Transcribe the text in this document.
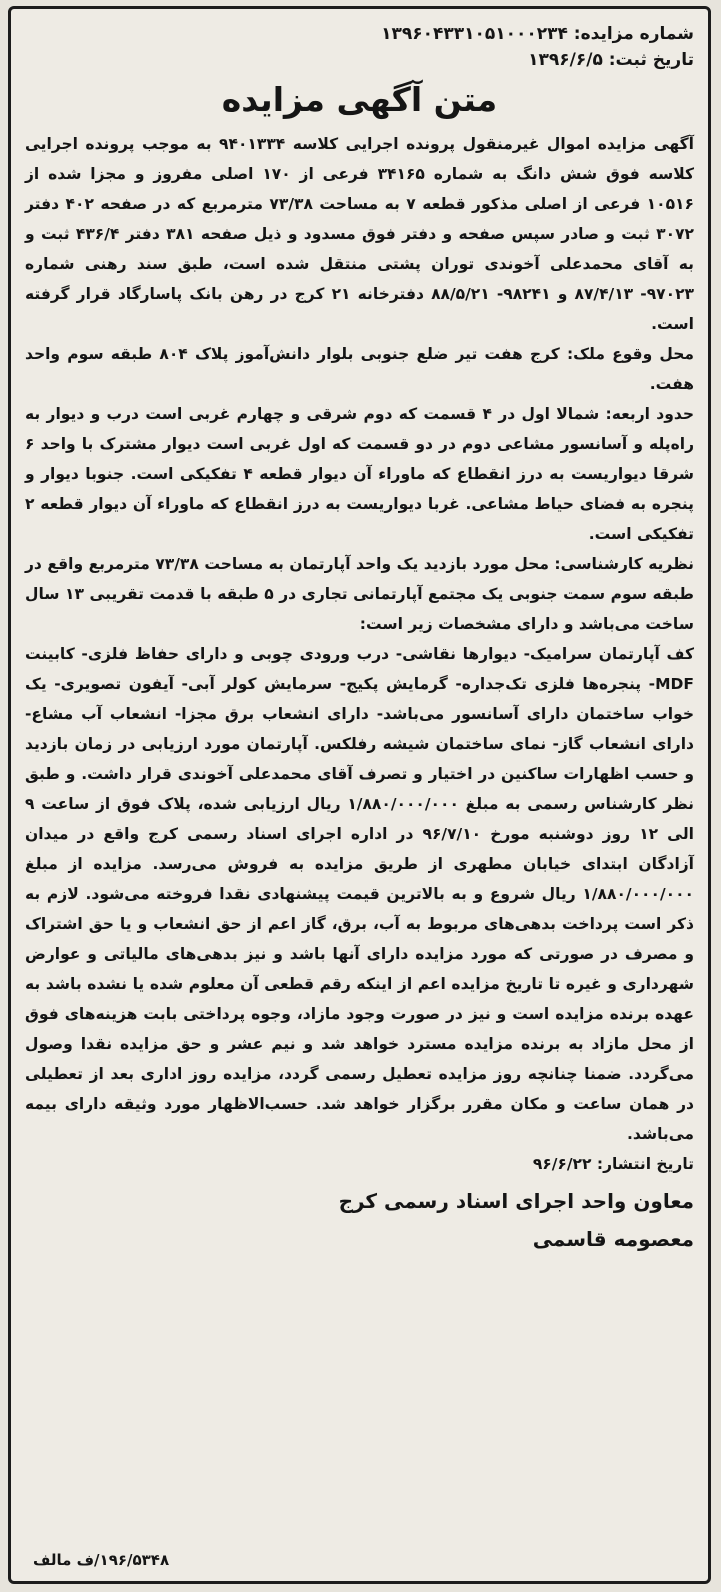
شماره مزایده: ۱۳۹۶۰۴۳۳۱۰۵۱۰۰۰۲۳۴
تاریخ ثبت: ۱۳۹۶/۶/۵
متن آگهی مزایده

آگهی مزایده اموال غیرمنقول پرونده اجرایی کلاسه ۹۴۰۱۳۳۴ به موجب پرونده اجرایی کلاسه فوق شش دانگ به شماره ۳۴۱۶۵ فرعی از ۱۷۰ اصلی مفروز و مجزا شده از ۱۰۵۱۶ فرعی از اصلی مذکور قطعه ۷ به مساحت ۷۳/۳۸ مترمربع که در صفحه ۴۰۲ دفتر ۳۰۷۲ ثبت و صادر سپس صفحه و دفتر فوق مسدود و ذیل صفحه ۳۸۱ دفتر ۴۳۶/۴ ثبت و به آقای محمدعلی آخوندی توران پشتی منتقل شده است، طبق سند رهنی شماره ۹۷۰۲۳- ۸۷/۴/۱۳ و ۹۸۲۴۱- ۸۸/۵/۲۱ دفترخانه ۲۱ کرج در رهن بانک پاسارگاد قرار گرفته است.

محل وقوع ملک: کرج هفت تیر ضلع جنوبی بلوار دانش‌آموز پلاک ۸۰۴ طبقه سوم واحد هفت.

حدود اربعه: شمالا اول در ۴ قسمت که دوم شرقی و چهارم غربی است درب و دیوار به راه‌پله و آسانسور مشاعی دوم در دو قسمت که اول غربی است دیوار مشترک با واحد ۶ شرقا دیواریست به درز انقطاع که ماوراء آن دیوار قطعه ۴ تفکیکی است. جنوبا دیوار و پنجره به فضای حیاط مشاعی. غربا دیواریست به درز انقطاع که ماوراء آن دیوار قطعه ۲ تفکیکی است.

نظریه کارشناسی: محل مورد بازدید یک واحد آپارتمان به مساحت ۷۳/۳۸ مترمربع واقع در طبقه سوم سمت جنوبی یک مجتمع آپارتمانی تجاری در ۵ طبقه با قدمت تقریبی ۱۳ سال ساخت می‌باشد و دارای مشخصات زیر است:

کف آپارتمان سرامیک- دیوارها نقاشی- درب ورودی چوبی و دارای حفاظ فلزی- کابینت MDF- پنجره‌ها فلزی تک‌جداره- گرمایش پکیج- سرمایش کولر آبی- آیفون تصویری- یک خواب ساختمان دارای آسانسور می‌باشد- دارای انشعاب برق مجزا- انشعاب آب مشاع- دارای انشعاب گاز- نمای ساختمان شیشه رفلکس. آپارتمان مورد ارزیابی در زمان بازدید و حسب اظهارات ساکنین در اختیار و تصرف آقای محمدعلی آخوندی قرار داشت. و طبق نظر کارشناس رسمی به مبلغ ۱/۸۸۰/۰۰۰/۰۰۰ ریال ارزیابی شده، پلاک فوق از ساعت ۹ الی ۱۲ روز دوشنبه مورخ ۹۶/۷/۱۰ در اداره اجرای اسناد رسمی کرج واقع در میدان آزادگان ابتدای خیابان مطهری از طریق مزایده به فروش می‌رسد. مزایده از مبلغ ۱/۸۸۰/۰۰۰/۰۰۰ ریال شروع و به بالاترین قیمت پیشنهادی نقدا فروخته می‌شود. لازم به ذکر است پرداخت بدهی‌های مربوط به آب، برق، گاز اعم از حق انشعاب و یا حق اشتراک و مصرف در صورتی که مورد مزایده دارای آنها باشد و نیز بدهی‌های مالیاتی و عوارض شهرداری و غیره تا تاریخ مزایده اعم از اینکه رقم قطعی آن معلوم شده یا نشده باشد به عهده برنده مزایده است و نیز در صورت وجود مازاد، وجوه پرداختی بابت هزینه‌های فوق از محل مازاد به برنده مزایده مسترد خواهد شد و نیم عشر و حق مزایده نقدا وصول می‌گردد. ضمنا چنانچه روز مزایده تعطیل رسمی گردد، مزایده روز اداری بعد از تعطیلی در همان ساعت و مکان مقرر برگزار خواهد شد. حسب‌الاظهار مورد وثیقه دارای بیمه می‌باشد.

تاریخ انتشار: ۹۶/۶/۲۲
معاون واحد اجرای اسناد رسمی کرج
معصومه قاسمی
۱۹۶/۵۳۴۸/ف مالف
